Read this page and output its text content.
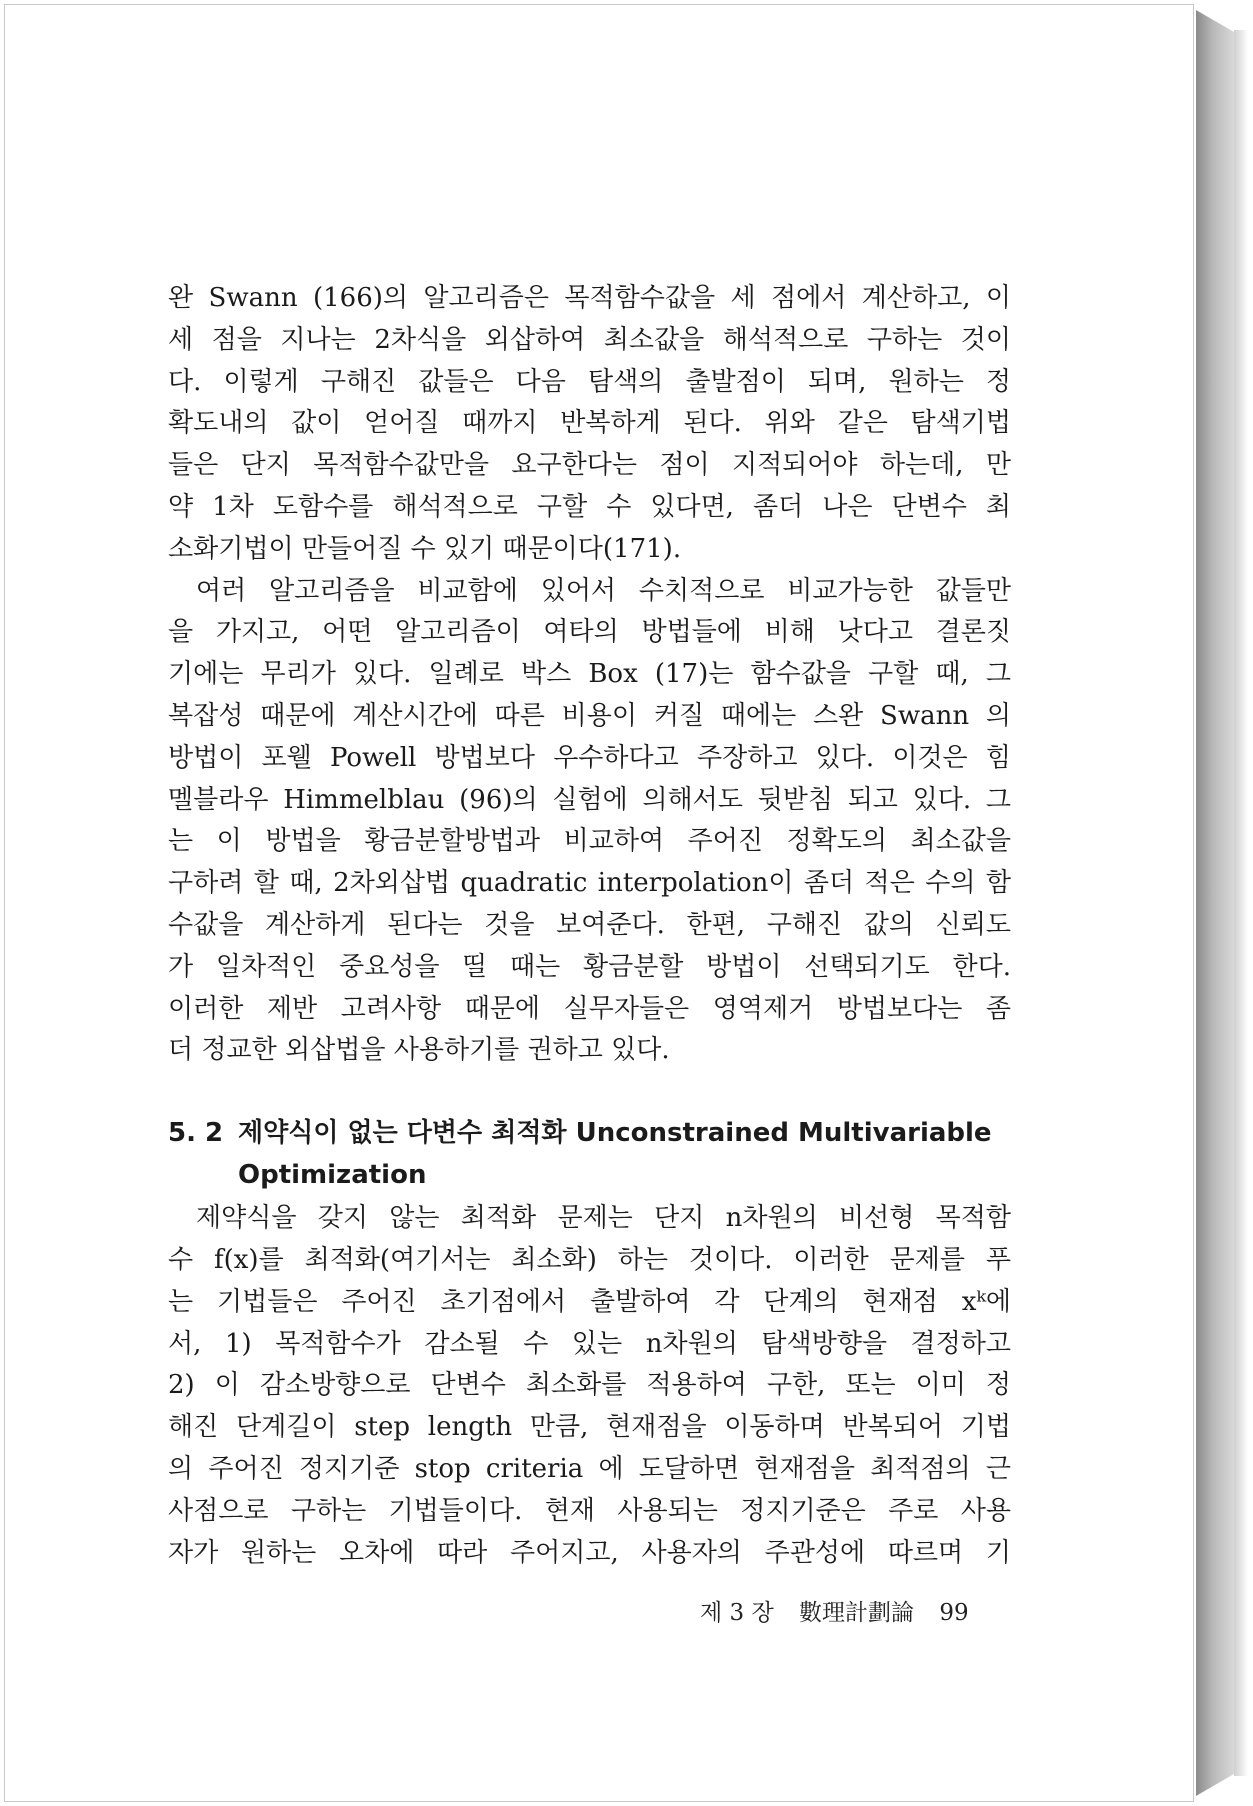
완 Swann (166)의 알고리즘은 목적함수값을 세 점에서 계산하고, 이

세 점을 지나는 2차식을 외삽하여 최소값을 해석적으로 구하는 것이

다. 이렇게 구해진 값들은 다음 탐색의 출발점이 되며, 원하는 정

확도내의 값이 얻어질 때까지 반복하게 된다. 위와 같은 탐색기법

들은 단지 목적함수값만을 요구한다는 점이 지적되어야 하는데, 만

약 1차 도함수를 해석적으로 구할 수 있다면, 좀더 나은 단변수 최

소화기법이 만들어질 수 있기 때문이다(171).

여러 알고리즘을 비교함에 있어서 수치적으로 비교가능한 값들만

을 가지고, 어떤 알고리즘이 여타의 방법들에 비해 낫다고 결론짓

기에는 무리가 있다. 일례로 박스 Box (17)는 함수값을 구할 때, 그

복잡성 때문에 계산시간에 따른 비용이 커질 때에는 스완 Swann 의

방법이 포웰 Powell 방법보다 우수하다고 주장하고 있다. 이것은 힘

멜블라우 Himmelblau (96)의 실험에 의해서도 뒷받침 되고 있다. 그

는 이 방법을 황금분할방법과 비교하여 주어진 정확도의 최소값을

구하려 할 때, 2차외삽법 quadratic interpolation이 좀더 적은 수의 함

수값을 계산하게 된다는 것을 보여준다. 한편, 구해진 값의 신뢰도

가 일차적인 중요성을 띨 때는 황금분할 방법이 선택되기도 한다.

이러한 제반 고려사항 때문에 실무자들은 영역제거 방법보다는 좀

더 정교한 외삽법을 사용하기를 권하고 있다.

5. 2 제약식이 없는 다변수 최적화 Unconstrained Multivariable
Optimization

제약식을 갖지 않는 최적화 문제는 단지 n차원의 비선형 목적함

수 f(x)를 최적화(여기서는 최소화) 하는 것이다. 이러한 문제를 푸

는 기법들은 주어진 초기점에서 출발하여 각 단계의 현재점 xᵏ에

서, 1) 목적함수가 감소될 수 있는 n차원의 탐색방향을 결정하고

2) 이 감소방향으로 단변수 최소화를 적용하여 구한, 또는 이미 정

해진 단계길이 step length 만큼, 현재점을 이동하며 반복되어 기법

의 주어진 정지기준 stop criteria 에 도달하면 현재점을 최적점의 근

사점으로 구하는 기법들이다. 현재 사용되는 정지기준은 주로 사용

자가 원하는 오차에 따라 주어지고, 사용자의 주관성에 따르며 기

제 3 장 數理計劃論 99
